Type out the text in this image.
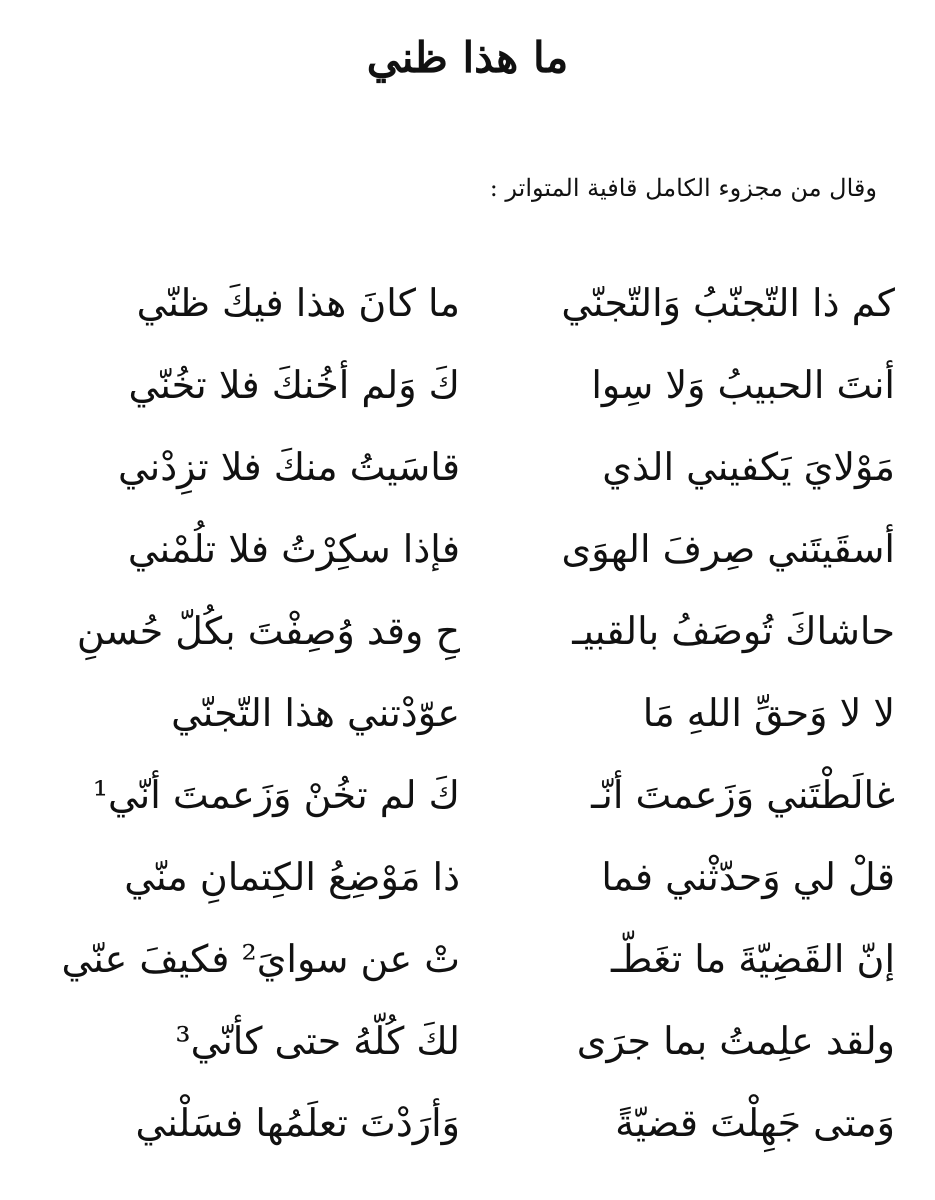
ما هذا ظني
وقال من مجزوء الكامل قافية المتواتر :
كم ذا التّجنّبُ وَالتّجنّي
ما كانَ هذا فيكَ ظنّي
أنتَ الحبيبُ وَلا سِوا
كَ وَلم أخُنكَ فلا تخُنّي
مَوْلايَ يَكفيني الذي
قاسَيتُ منكَ فلا تزِدْني
أسقَيتَني صِرفَ الهوَى
فإذا سكِرْتُ فلا تلُمْني
حاشاكَ تُوصَفُ بالقبيـ
حِ وقد وُصِفْتَ بكُلّ حُسنِ
لا لا وَحقِّ اللهِ مَا
عوّدْتني هذا التّجنّي
غالَطْتَني وَزَعمتَ أنّـ
كَ لم تخُنْ وَزَعمتَ أنّي¹
قلْ لي وَحدّثْني فما
ذا مَوْضِعُ الكِتمانِ منّي
إنّ القَضِيّةَ ما تغَطّـ
تْ عن سوايَ² فكيفَ عنّي
ولقد علِمتُ بما جرَى
لكَ كُلّهُ حتى كأنّي³
وَمتى جَهِلْتَ قضيّةً
وَأرَدْتَ تعلَمُها فسَلْني
